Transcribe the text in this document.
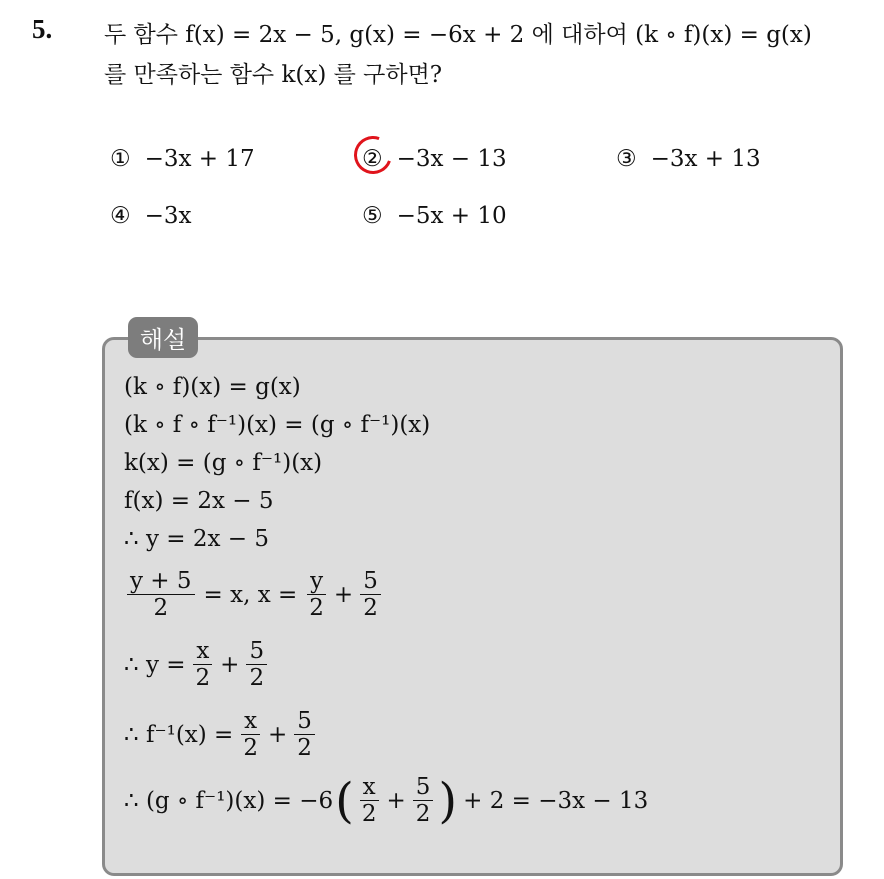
5. 두 함수 f(x) = 2x − 5, g(x) = −6x + 2 에 대하여 (k ∘ f)(x) = g(x)
를 만족하는 함수 k(x) 를 구하면?
① −3x + 17	② −3x − 13	③ −3x + 13
④ −3x	⑤ −5x + 10
해설
(k ∘ f)(x) = g(x)
(k ∘ f ∘ f⁻¹)(x) = (g ∘ f⁻¹)(x)
k(x) = (g ∘ f⁻¹)(x)
f(x) = 2x − 5
∴ y = 2x − 5
$\frac{y + 5}{2} = x$, $x = \frac{y}{2} + \frac{5}{2}$
∴ $y = \frac{x}{2} + \frac{5}{2}$
∴ $f^{-1}(x) = \frac{x}{2} + \frac{5}{2}$
∴ (g ∘ f⁻¹)(x) = −6 ( $\frac{x}{2} + \frac{5}{2}$ ) + 2 = −3x − 13
